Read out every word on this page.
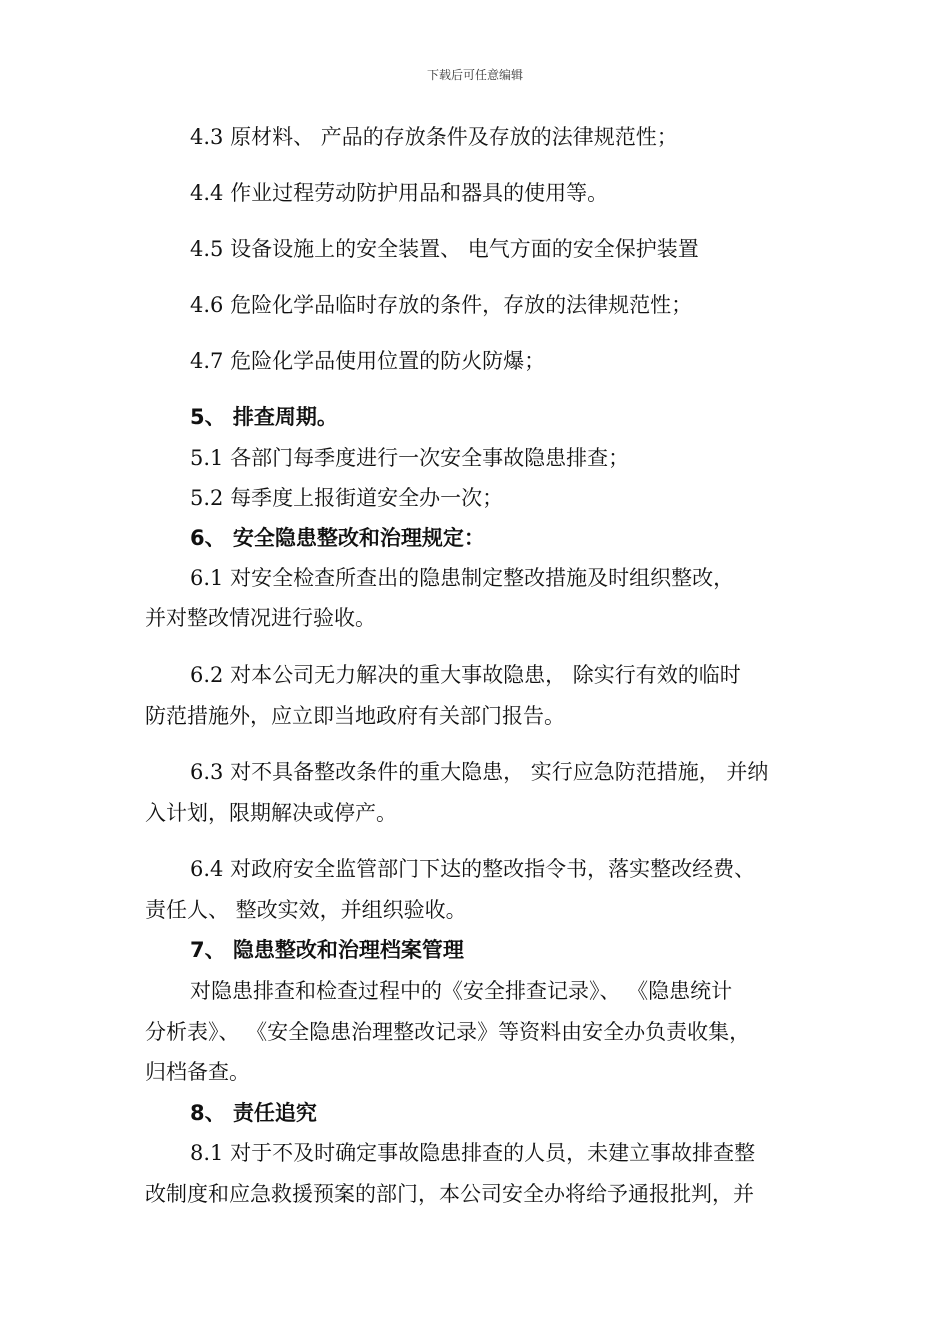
下载后可任意编辑
4.3 原材料、 产品的存放条件及存放的法律规范性；
4.4 作业过程劳动防护用品和器具的使用等。
4.5 设备设施上的安全装置、 电气方面的安全保护装置
4.6 危险化学品临时存放的条件，存放的法律规范性；
4.7 危险化学品使用位置的防火防爆；
5、 排查周期。
5.1 各部门每季度进行一次安全事故隐患排查；
5.2 每季度上报街道安全办一次；
6、 安全隐患整改和治理规定：
6.1 对安全检查所查出的隐患制定整改措施及时组织整改，
并对整改情况进行验收。
6.2 对本公司无力解决的重大事故隐患， 除实行有效的临时
防范措施外，应立即当地政府有关部门报告。
6.3 对不具备整改条件的重大隐患， 实行应急防范措施， 并纳
入计划，限期解决或停产。
6.4 对政府安全监管部门下达的整改指令书，落实整改经费、
责任人、 整改实效，并组织验收。
7、 隐患整改和治理档案管理
对隐患排查和检查过程中的《安全排查记录》、 《隐患统计
分析表》、 《安全隐患治理整改记录》等资料由安全办负责收集，
归档备查。
8、 责任追究
8.1 对于不及时确定事故隐患排查的人员，未建立事故排查整
改制度和应急救援预案的部门，本公司安全办将给予通报批判，并
